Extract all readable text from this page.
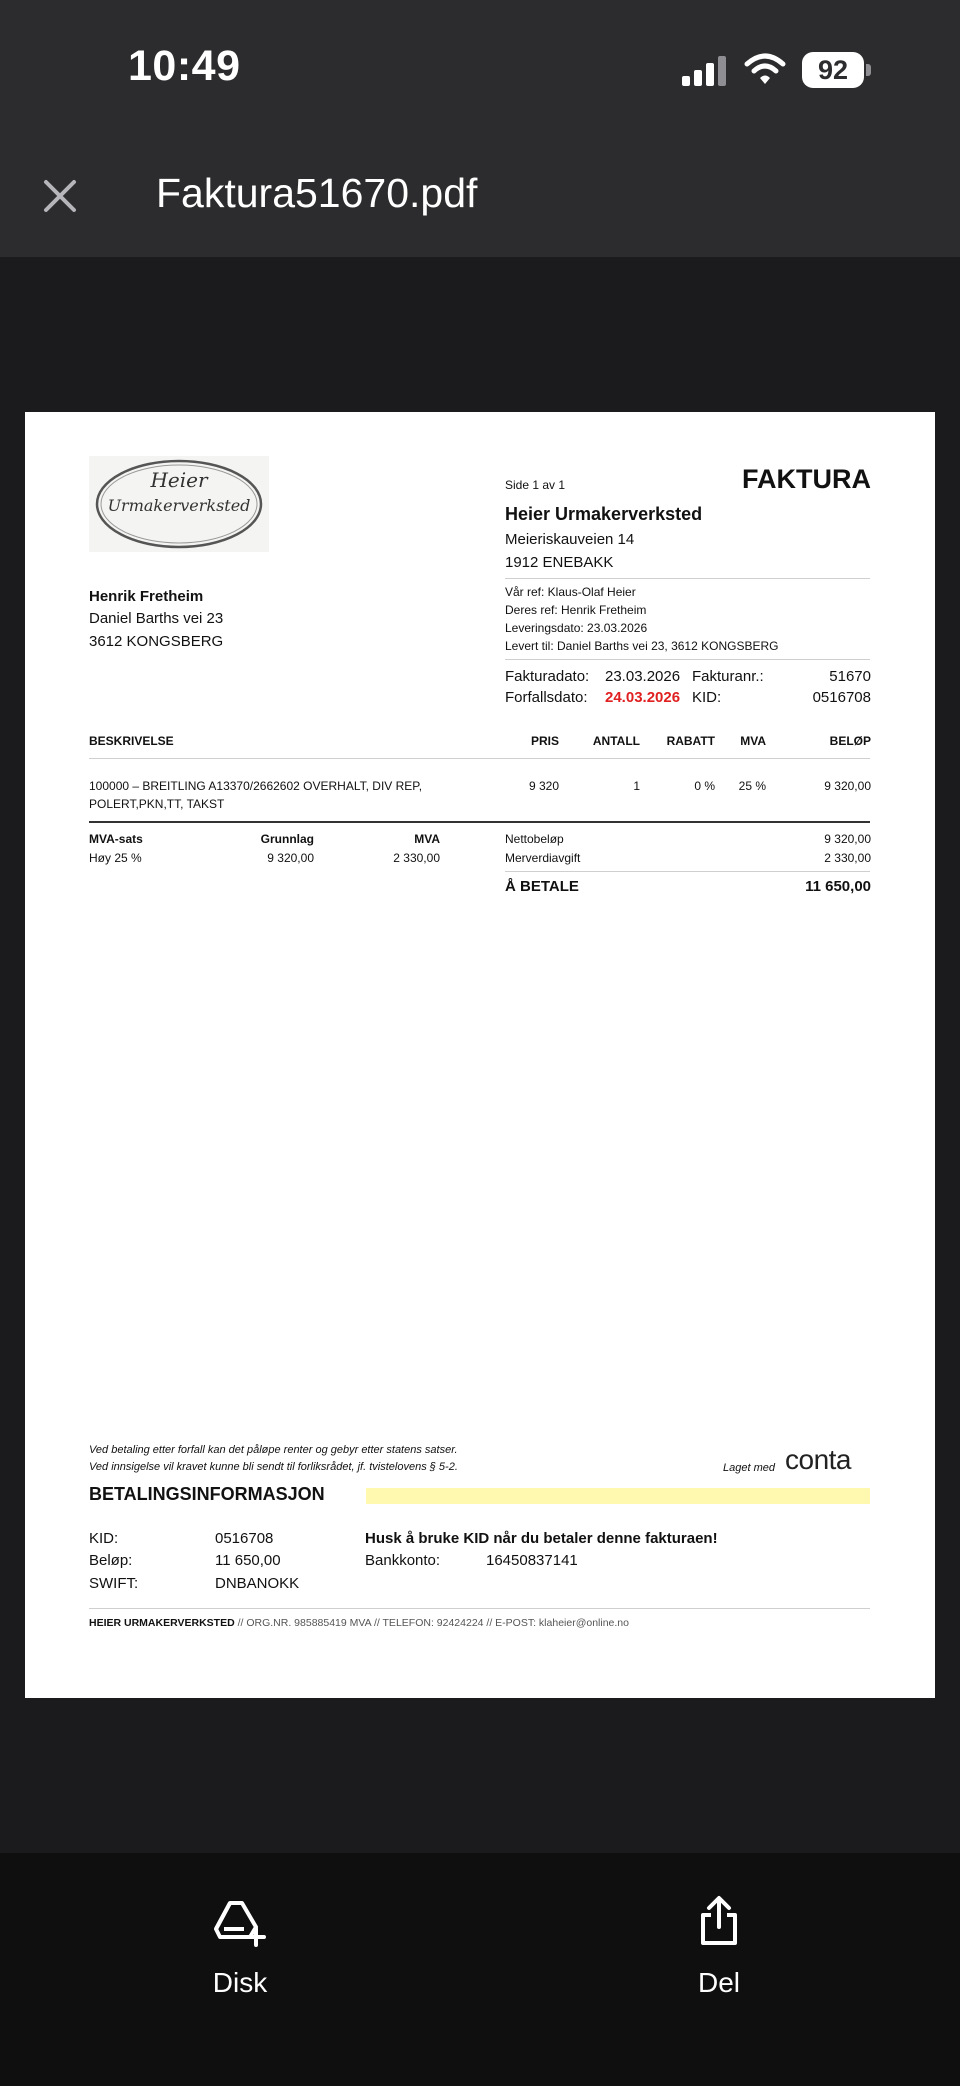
10:49	92
Faktura51670.pdf
Heier
Urmakerverksted
Side 1 av 1	FAKTURA
Heier Urmakerverksted
Meieriskauveien 14
1912 ENEBAKK
Vår ref: Klaus-Olaf Heier
Deres ref: Henrik Fretheim
Leveringsdato: 23.03.2026
Levert til: Daniel Barths vei 23, 3612 KONGSBERG
Fakturadato: 23.03.2026 Fakturanr.:	51670
Forfallsdato: 24.03.2026 KID:	0516708
Henrik Fretheim
Daniel Barths vei 23
3612 KONGSBERG
BESKRIVELSE	PRIS	ANTALL RABATT MVA	BELØP
100000 – BREITLING A13370/2662602 OVERHALT, DIV REP,
POLERT,PKN,TT, TAKST
9 320	1	0 % 25 %	9 320,00
MVA-sats	Grunnlag	MVA
Høy 25 %	9 320,00	2 330,00
Nettobeløp	9 320,00
Merverdiavgift	2 330,00
Å BETALE	11 650,00
Ved betaling etter forfall kan det påløpe renter og gebyr etter statens satser.
Ved innsigelse vil kravet kunne bli sendt til forliksrådet, jf. tvistelovens § 5-2.	Laget med conta
BETALINGSINFORMASJON
KID:	0516708
Beløp:	11 650,00
SWIFT:	DNBANOKK
Husk å bruke KID når du betaler denne fakturaen!
Bankkonto:	16450837141
HEIER URMAKERVERKSTED // ORG.NR. 985885419 MVA // TELEFON: 92424224 // E-POST: klaheier@online.no
Disk	Del
